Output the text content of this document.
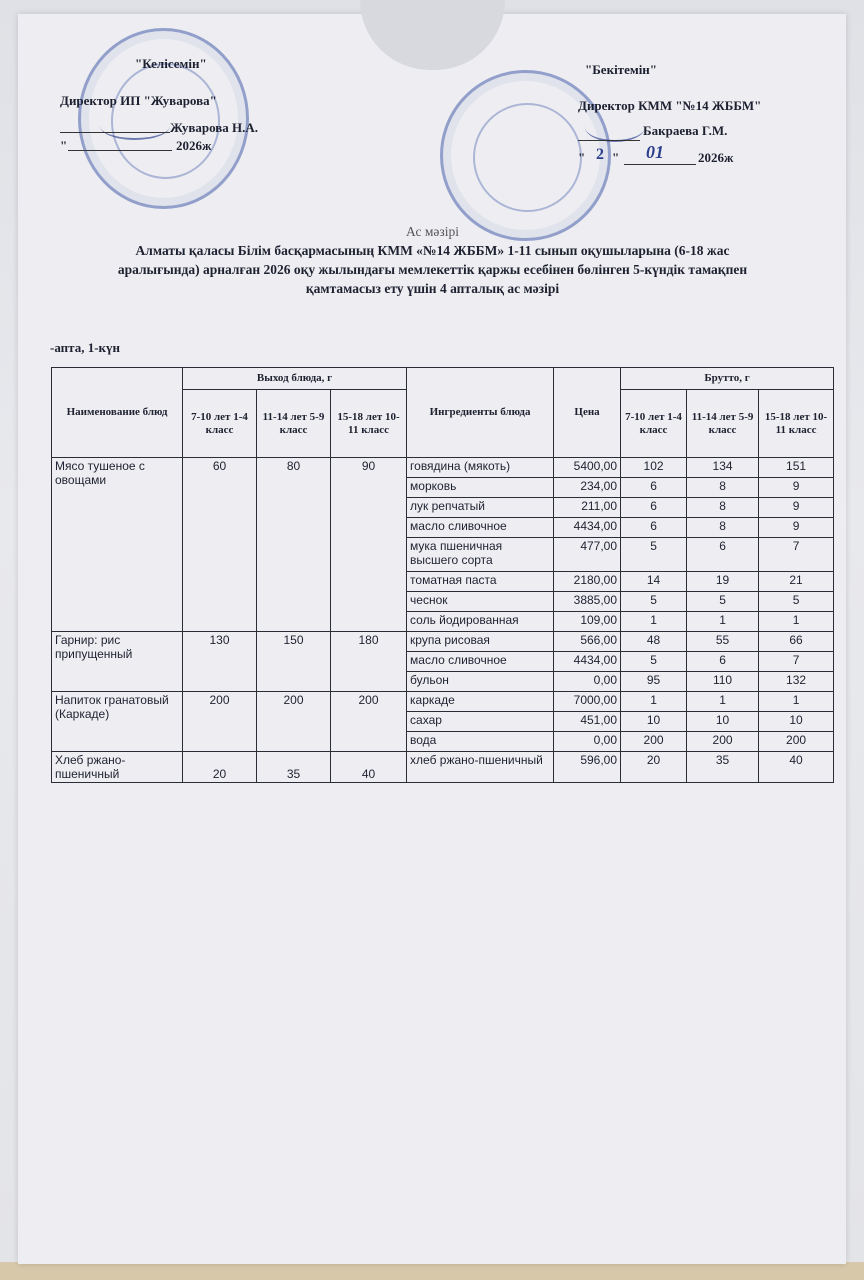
"Келісемін"
Директор ИП "Жуварова"
Жуварова Н.А.
"	2026ж
"Бекітемін"
Директор КММ "№14 ЖББМ"
Бакраева Г.М.
" 2 " 01	2026ж
Ас мәзірі
Алматы қаласы Білім басқармасының КММ «№14 ЖББМ» 1-11 сынып оқушыларына (6-18 жас
аралығында) арналған 2026 оқу жылындағы мемлекеттік қаржы есебінен бөлінген 5-күндік тамақпен
қамтамасыз ету үшін 4 апталық ас мәзірі
-апта, 1-күн
Наименование блюд	Выход блюда, г			Ингредиенты блюда	Цена	Брутто, г		
	7-10 лет 1-4 класс	11-14 лет 5-9 класс	15-18 лет 10-11 класс			7-10 лет 1-4 класс	11-14 лет 5-9 класс	15-18 лет 10-11 класс
Мясо тушеное с овощами	60	80	90	говядина (мякоть)	5400,00	102	134	151
				морковь	234,00	6	8	9
				лук репчатый	211,00	6	8	9
				масло сливочное	4434,00	6	8	9
				мука пшеничная высшего сорта	477,00	5	6	7
				томатная паста	2180,00	14	19	21
				чеснок	3885,00	5	5	5
				соль йодированная	109,00	1	1	1
Гарнир: рис припущенный	130	150	180	крупа рисовая	566,00	48	55	66
				масло сливочное	4434,00	5	6	7
				бульон	0,00	95	110	132
Напиток гранатовый (Каркаде)	200	200	200	каркаде	7000,00	1	1	1
				сахар	451,00	10	10	10
				вода	0,00	200	200	200
Хлеб ржано-пшеничный	20	35	40	хлеб ржано-пшеничный	596,00	20	35	40
